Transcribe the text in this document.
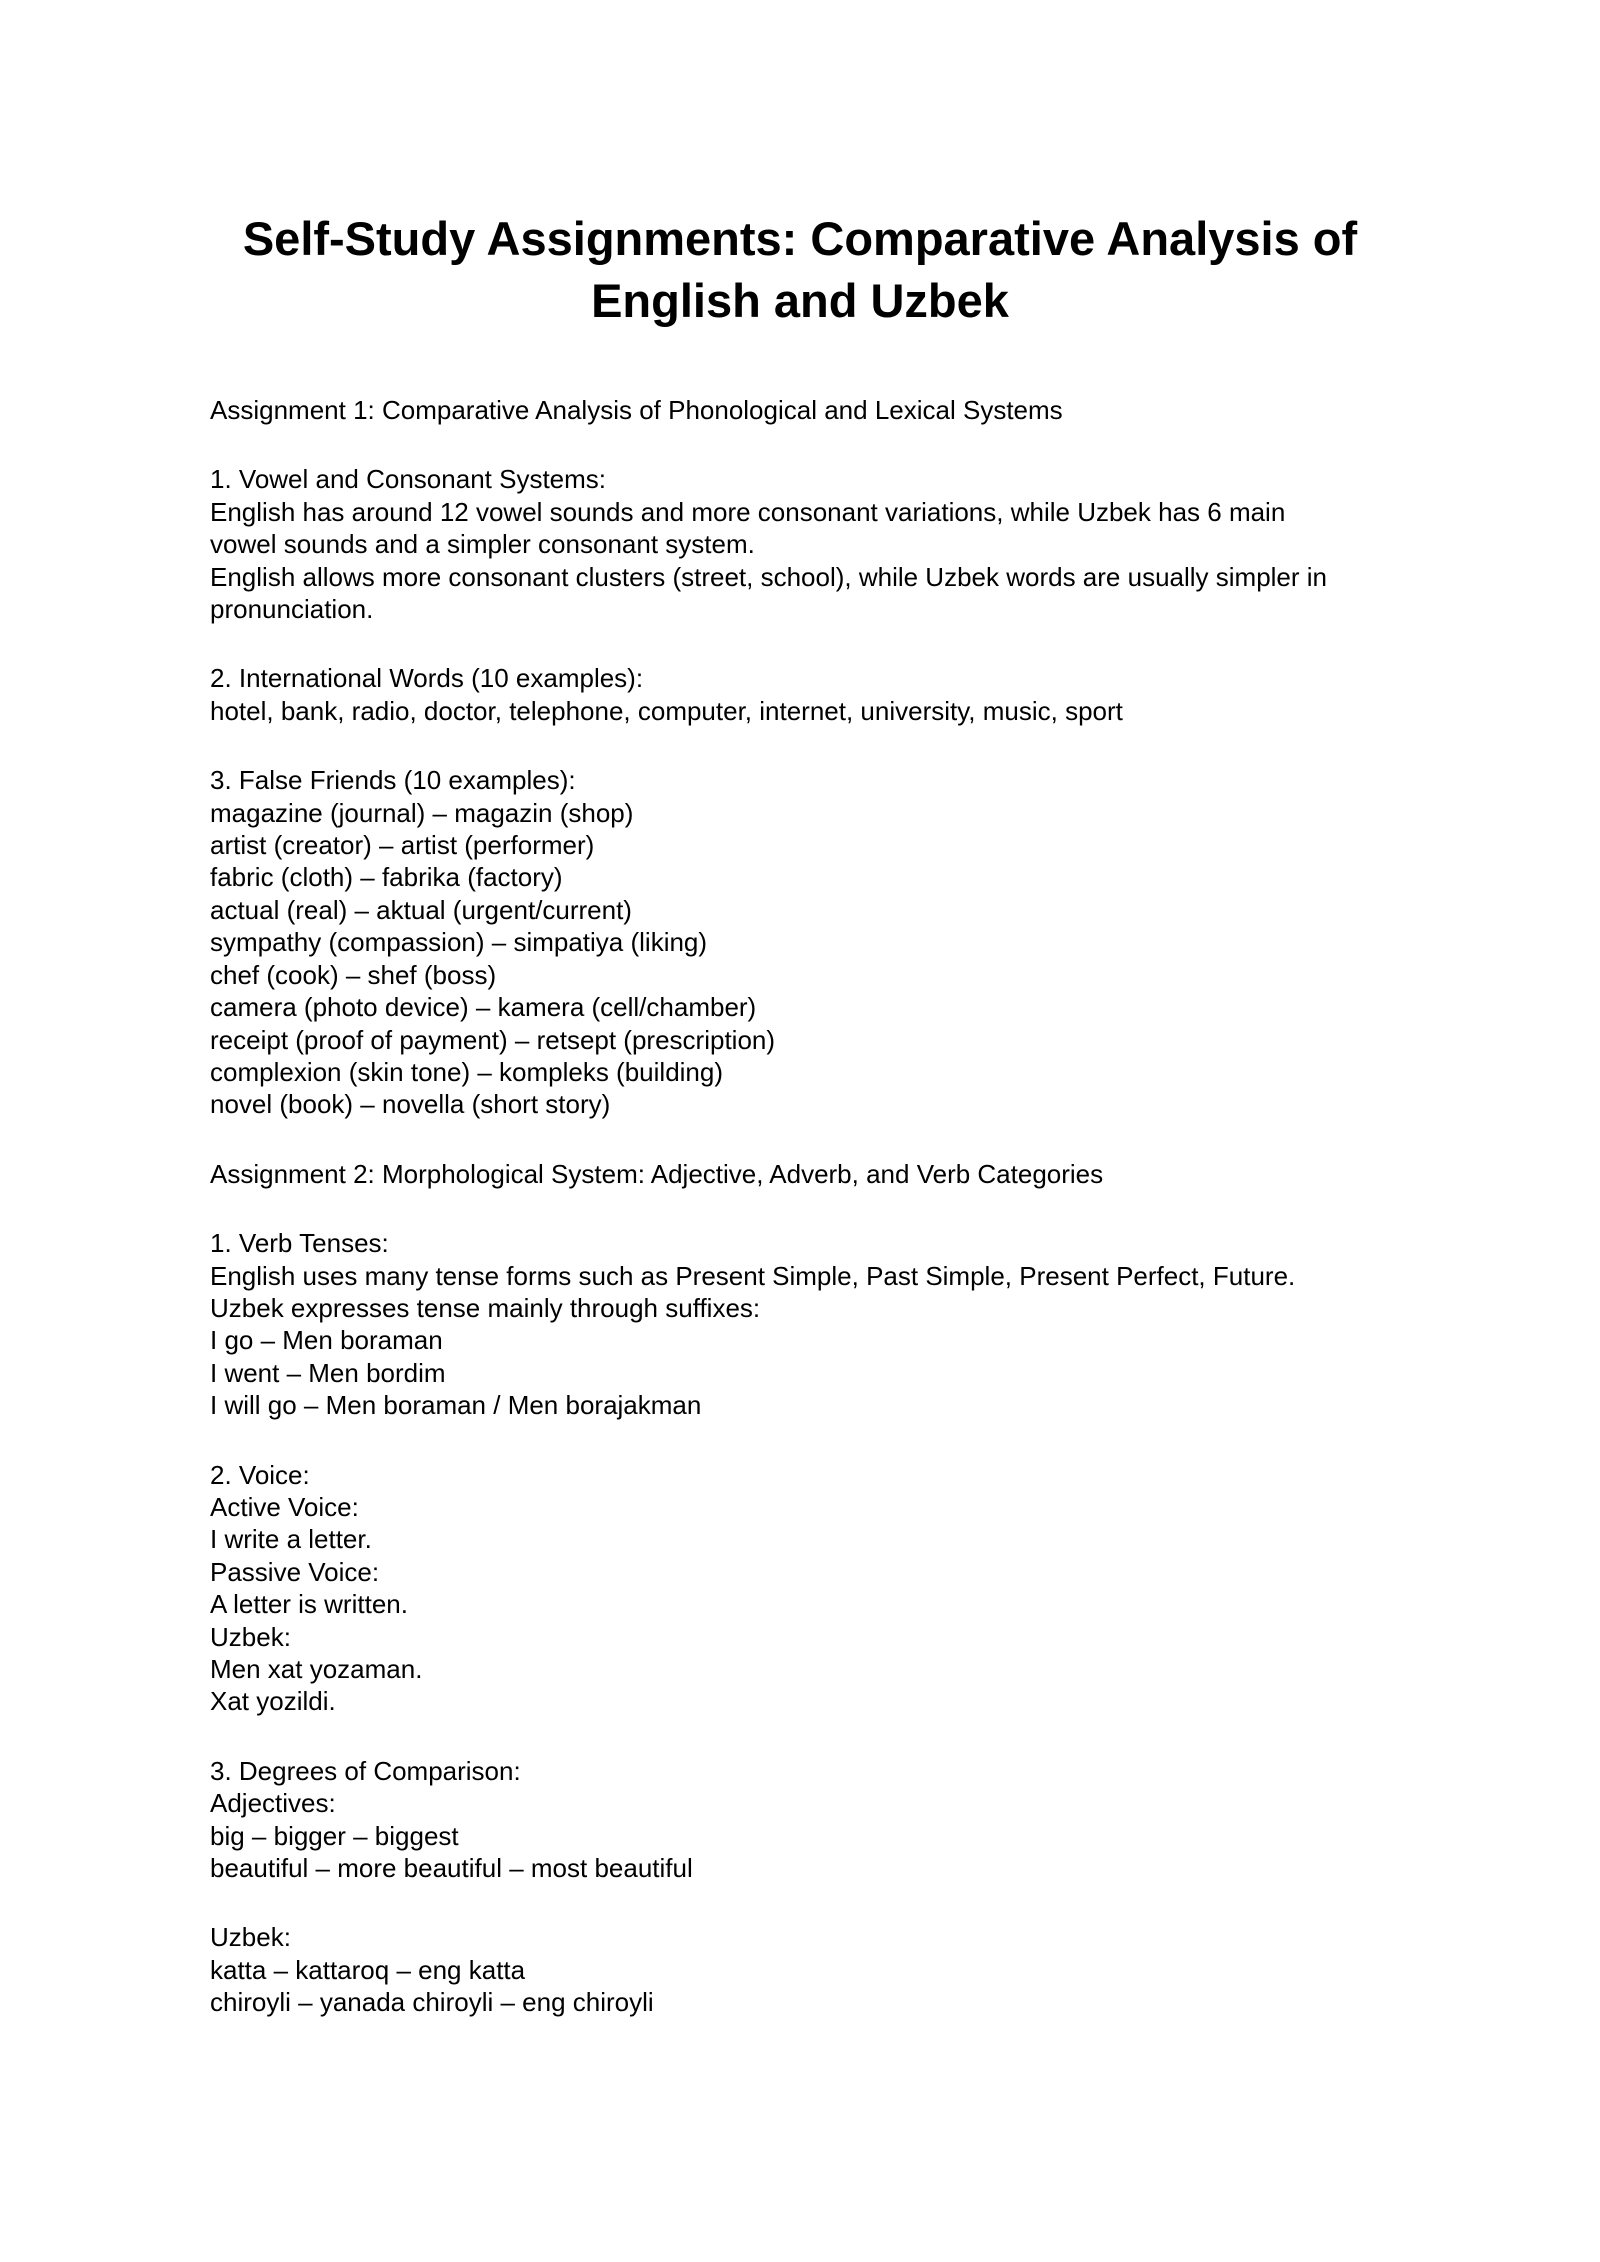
Self-Study Assignments: Comparative Analysis of
English and Uzbek
Assignment 1: Comparative Analysis of Phonological and Lexical Systems
1. Vowel and Consonant Systems:
English has around 12 vowel sounds and more consonant variations, while Uzbek has 6 main
vowel sounds and a simpler consonant system.
English allows more consonant clusters (street, school), while Uzbek words are usually simpler in
pronunciation.
2. International Words (10 examples):
hotel, bank, radio, doctor, telephone, computer, internet, university, music, sport
3. False Friends (10 examples):
magazine (journal) – magazin (shop)
artist (creator) – artist (performer)
fabric (cloth) – fabrika (factory)
actual (real) – aktual (urgent/current)
sympathy (compassion) – simpatiya (liking)
chef (cook) – shef (boss)
camera (photo device) – kamera (cell/chamber)
receipt (proof of payment) – retsept (prescription)
complexion (skin tone) – kompleks (building)
novel (book) – novella (short story)
Assignment 2: Morphological System: Adjective, Adverb, and Verb Categories
1. Verb Tenses:
English uses many tense forms such as Present Simple, Past Simple, Present Perfect, Future.
Uzbek expresses tense mainly through suffixes:
I go – Men boraman
I went – Men bordim
I will go – Men boraman / Men borajakman
2. Voice:
Active Voice:
I write a letter.
Passive Voice:
A letter is written.
Uzbek:
Men xat yozaman.
Xat yozildi.
3. Degrees of Comparison:
Adjectives:
big – bigger – biggest
beautiful – more beautiful – most beautiful
Uzbek:
katta – kattaroq – eng katta
chiroyli – yanada chiroyli – eng chiroyli
